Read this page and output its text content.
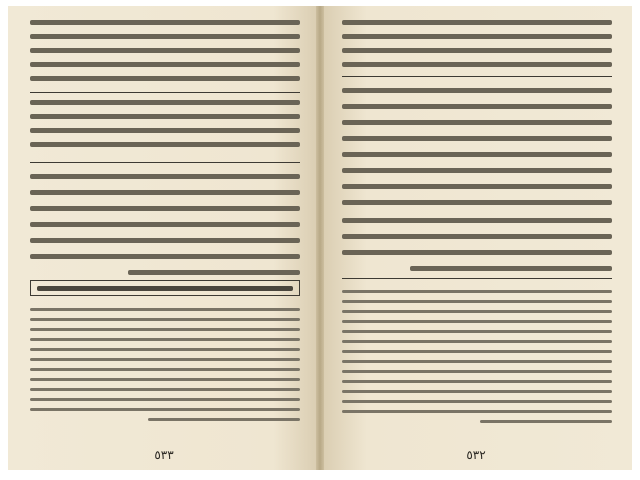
٥٣٣	٥٣٢
